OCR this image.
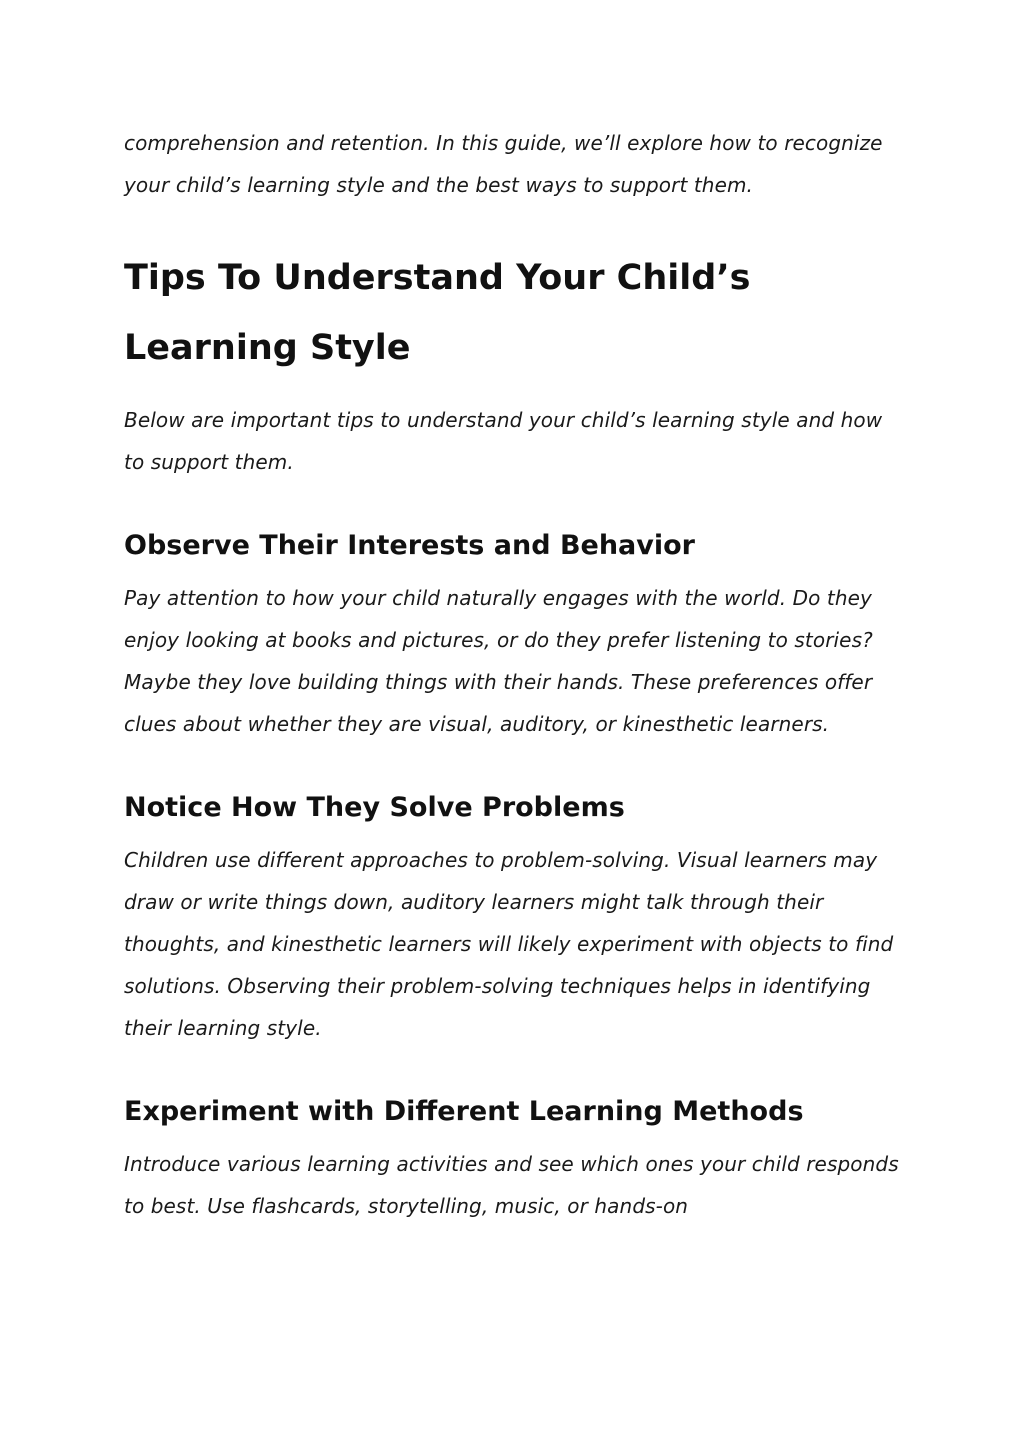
comprehension and retention. In this guide, we’ll explore how to recognize your child’s learning style and the best ways to support them.

Tips To Understand Your Child’s Learning Style

Below are important tips to understand your child’s learning style and how to support them.

Observe Their Interests and Behavior

Pay attention to how your child naturally engages with the world. Do they enjoy looking at books and pictures, or do they prefer listening to stories? Maybe they love building things with their hands. These preferences offer clues about whether they are visual, auditory, or kinesthetic learners.

Notice How They Solve Problems

Children use different approaches to problem-solving. Visual learners may draw or write things down, auditory learners might talk through their thoughts, and kinesthetic learners will likely experiment with objects to find solutions. Observing their problem-solving techniques helps in identifying their learning style.

Experiment with Different Learning Methods

Introduce various learning activities and see which ones your child responds to best. Use flashcards, storytelling, music, or hands-on
